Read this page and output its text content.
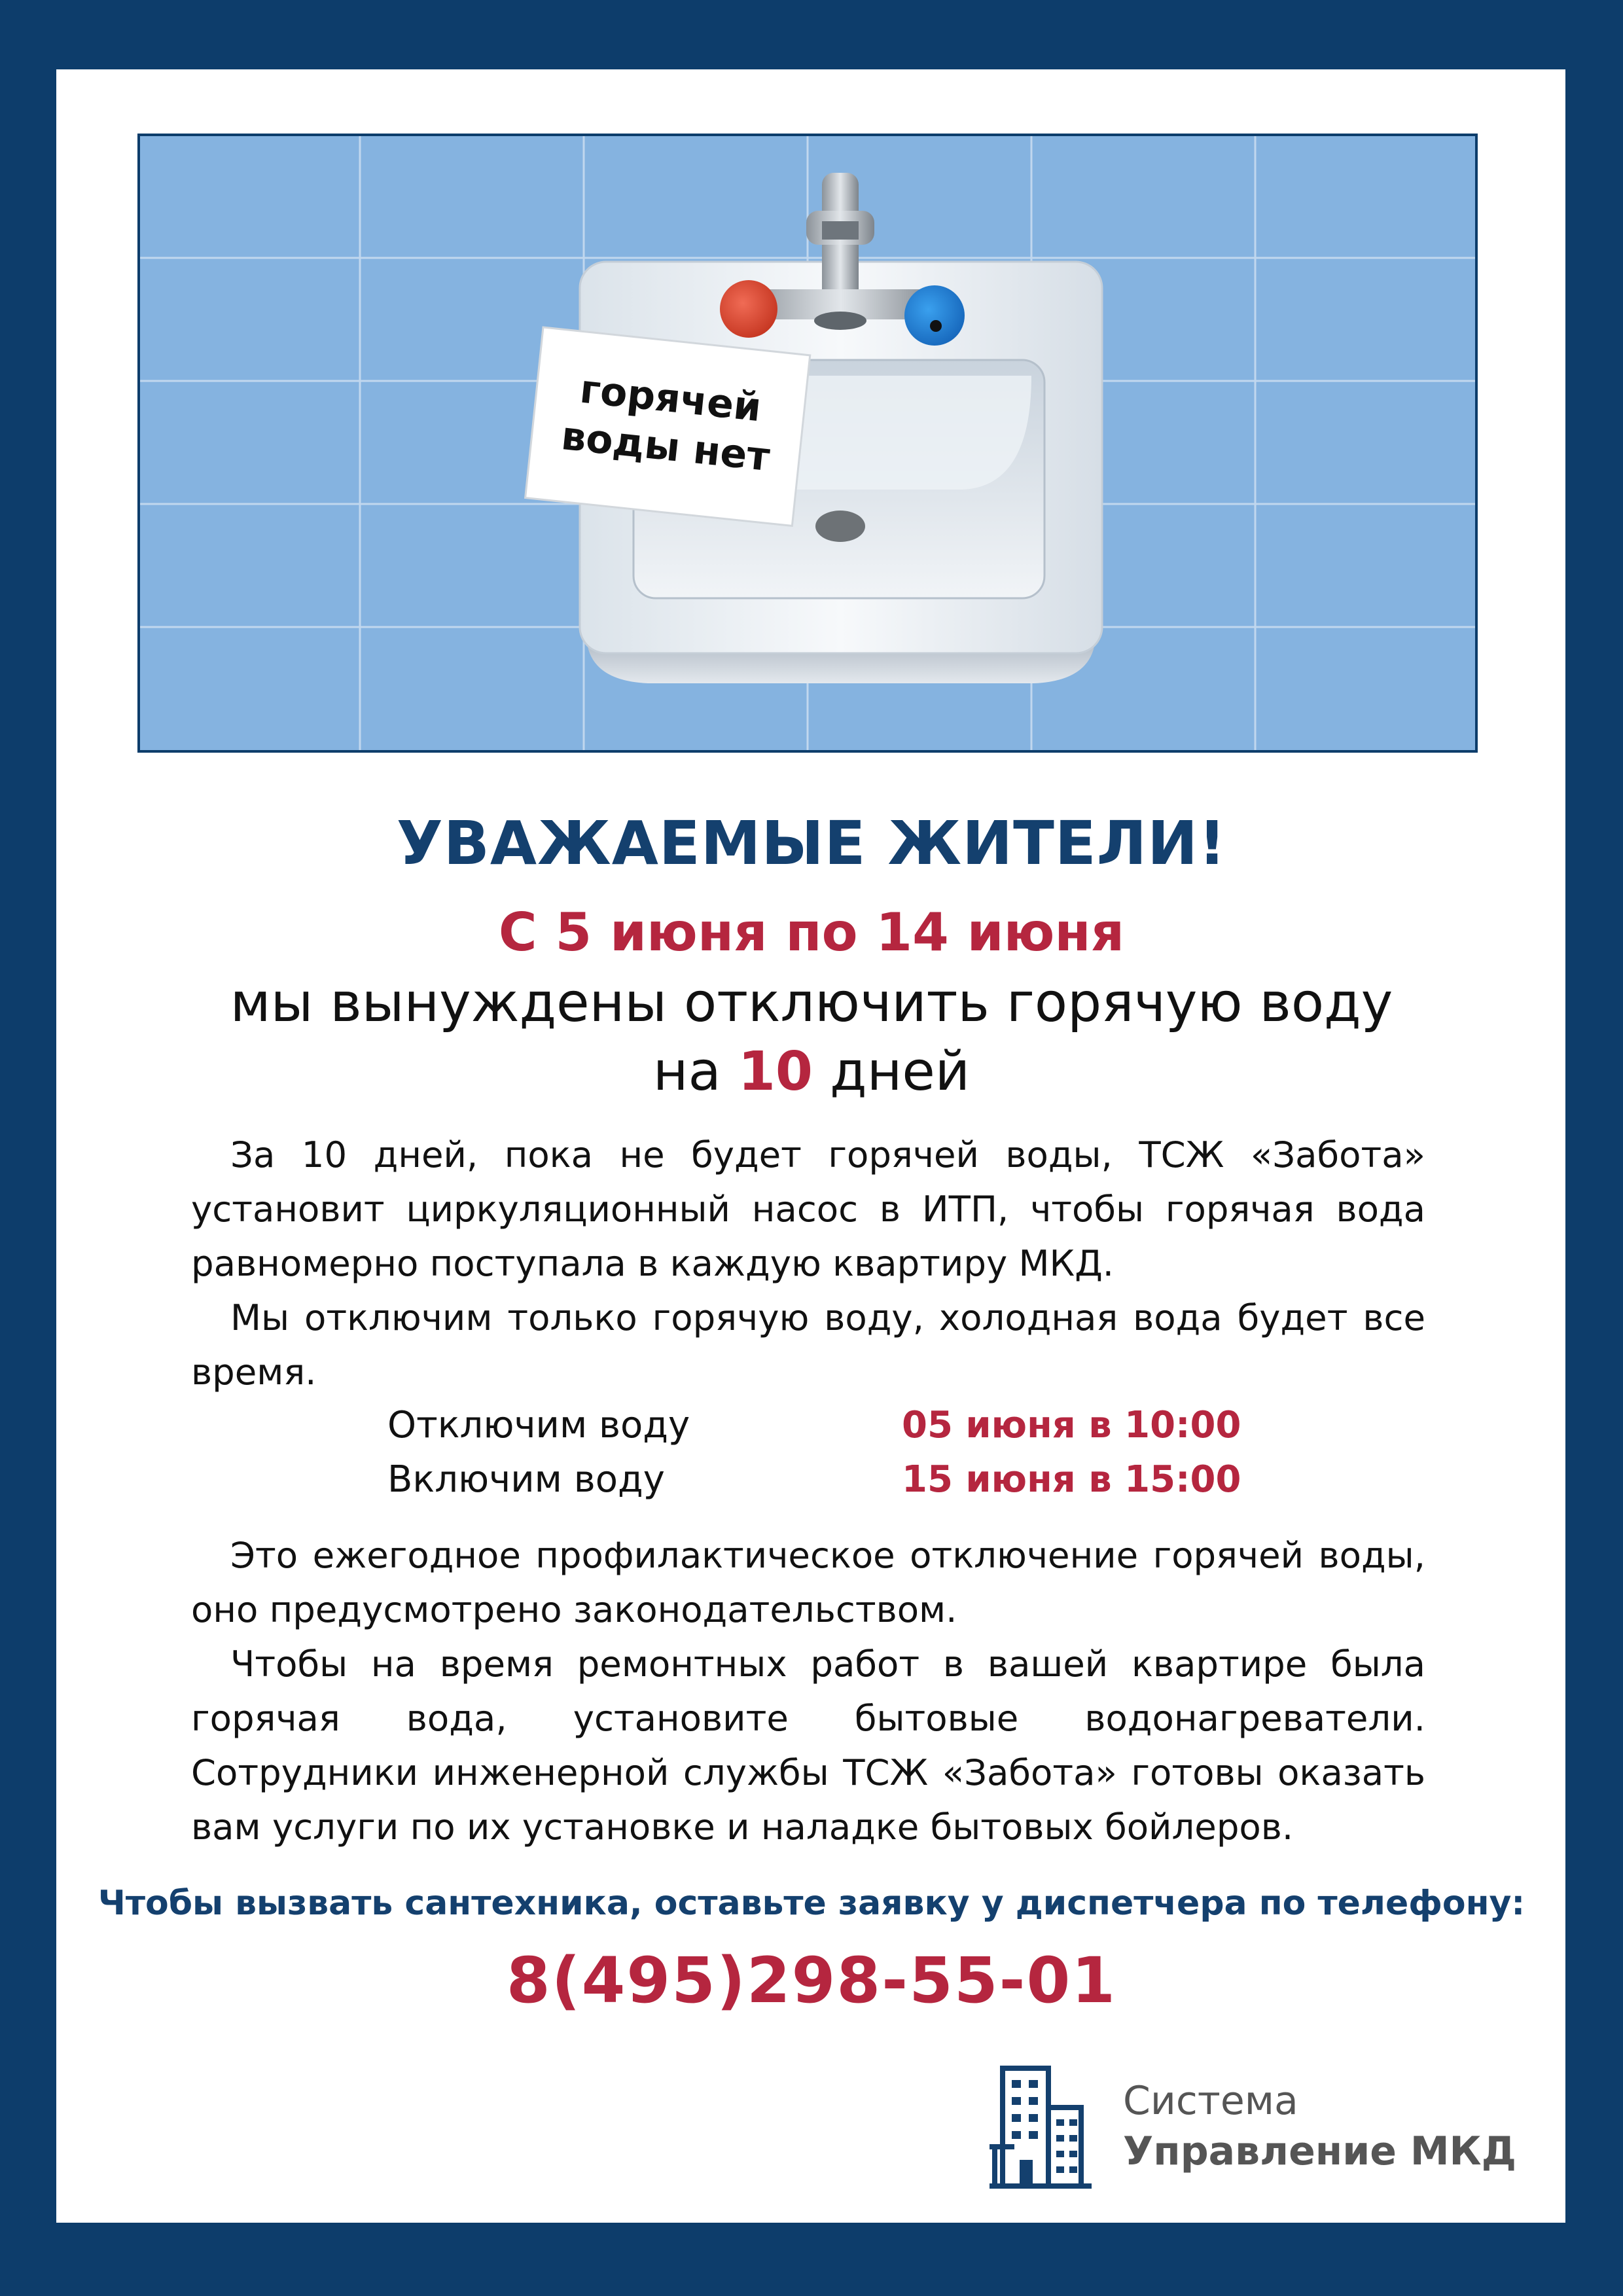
горячей
воды нет
УВАЖАЕМЫЕ ЖИТЕЛИ!
С 5 июня по 14 июня
мы вынуждены отключить горячую воду
на 10 дней

За 10 дней, пока не будет горячей воды, ТСЖ «Забота» установит циркуляционный насос в ИТП, чтобы горячая вода равномерно поступала в каждую квартиру МКД.

Мы отключим только горячую воду, холодная вода будет все время.

Отключим воду	05 июня в 10:00
Включим воду	15 июня в 15:00

Это ежегодное профилактическое отключение горячей воды, оно предусмотрено законодательством.

Чтобы на время ремонтных работ в вашей квартире была горячая вода, установите бытовые водонагреватели. Сотрудники инженерной службы ТСЖ «Забота» готовы оказать вам услуги по их установке и наладке бытовых бойлеров.

Чтобы вызвать сантехника, оставьте заявку у диспетчера по телефону:
8(495)298-55-01
Система
Управление МКД
